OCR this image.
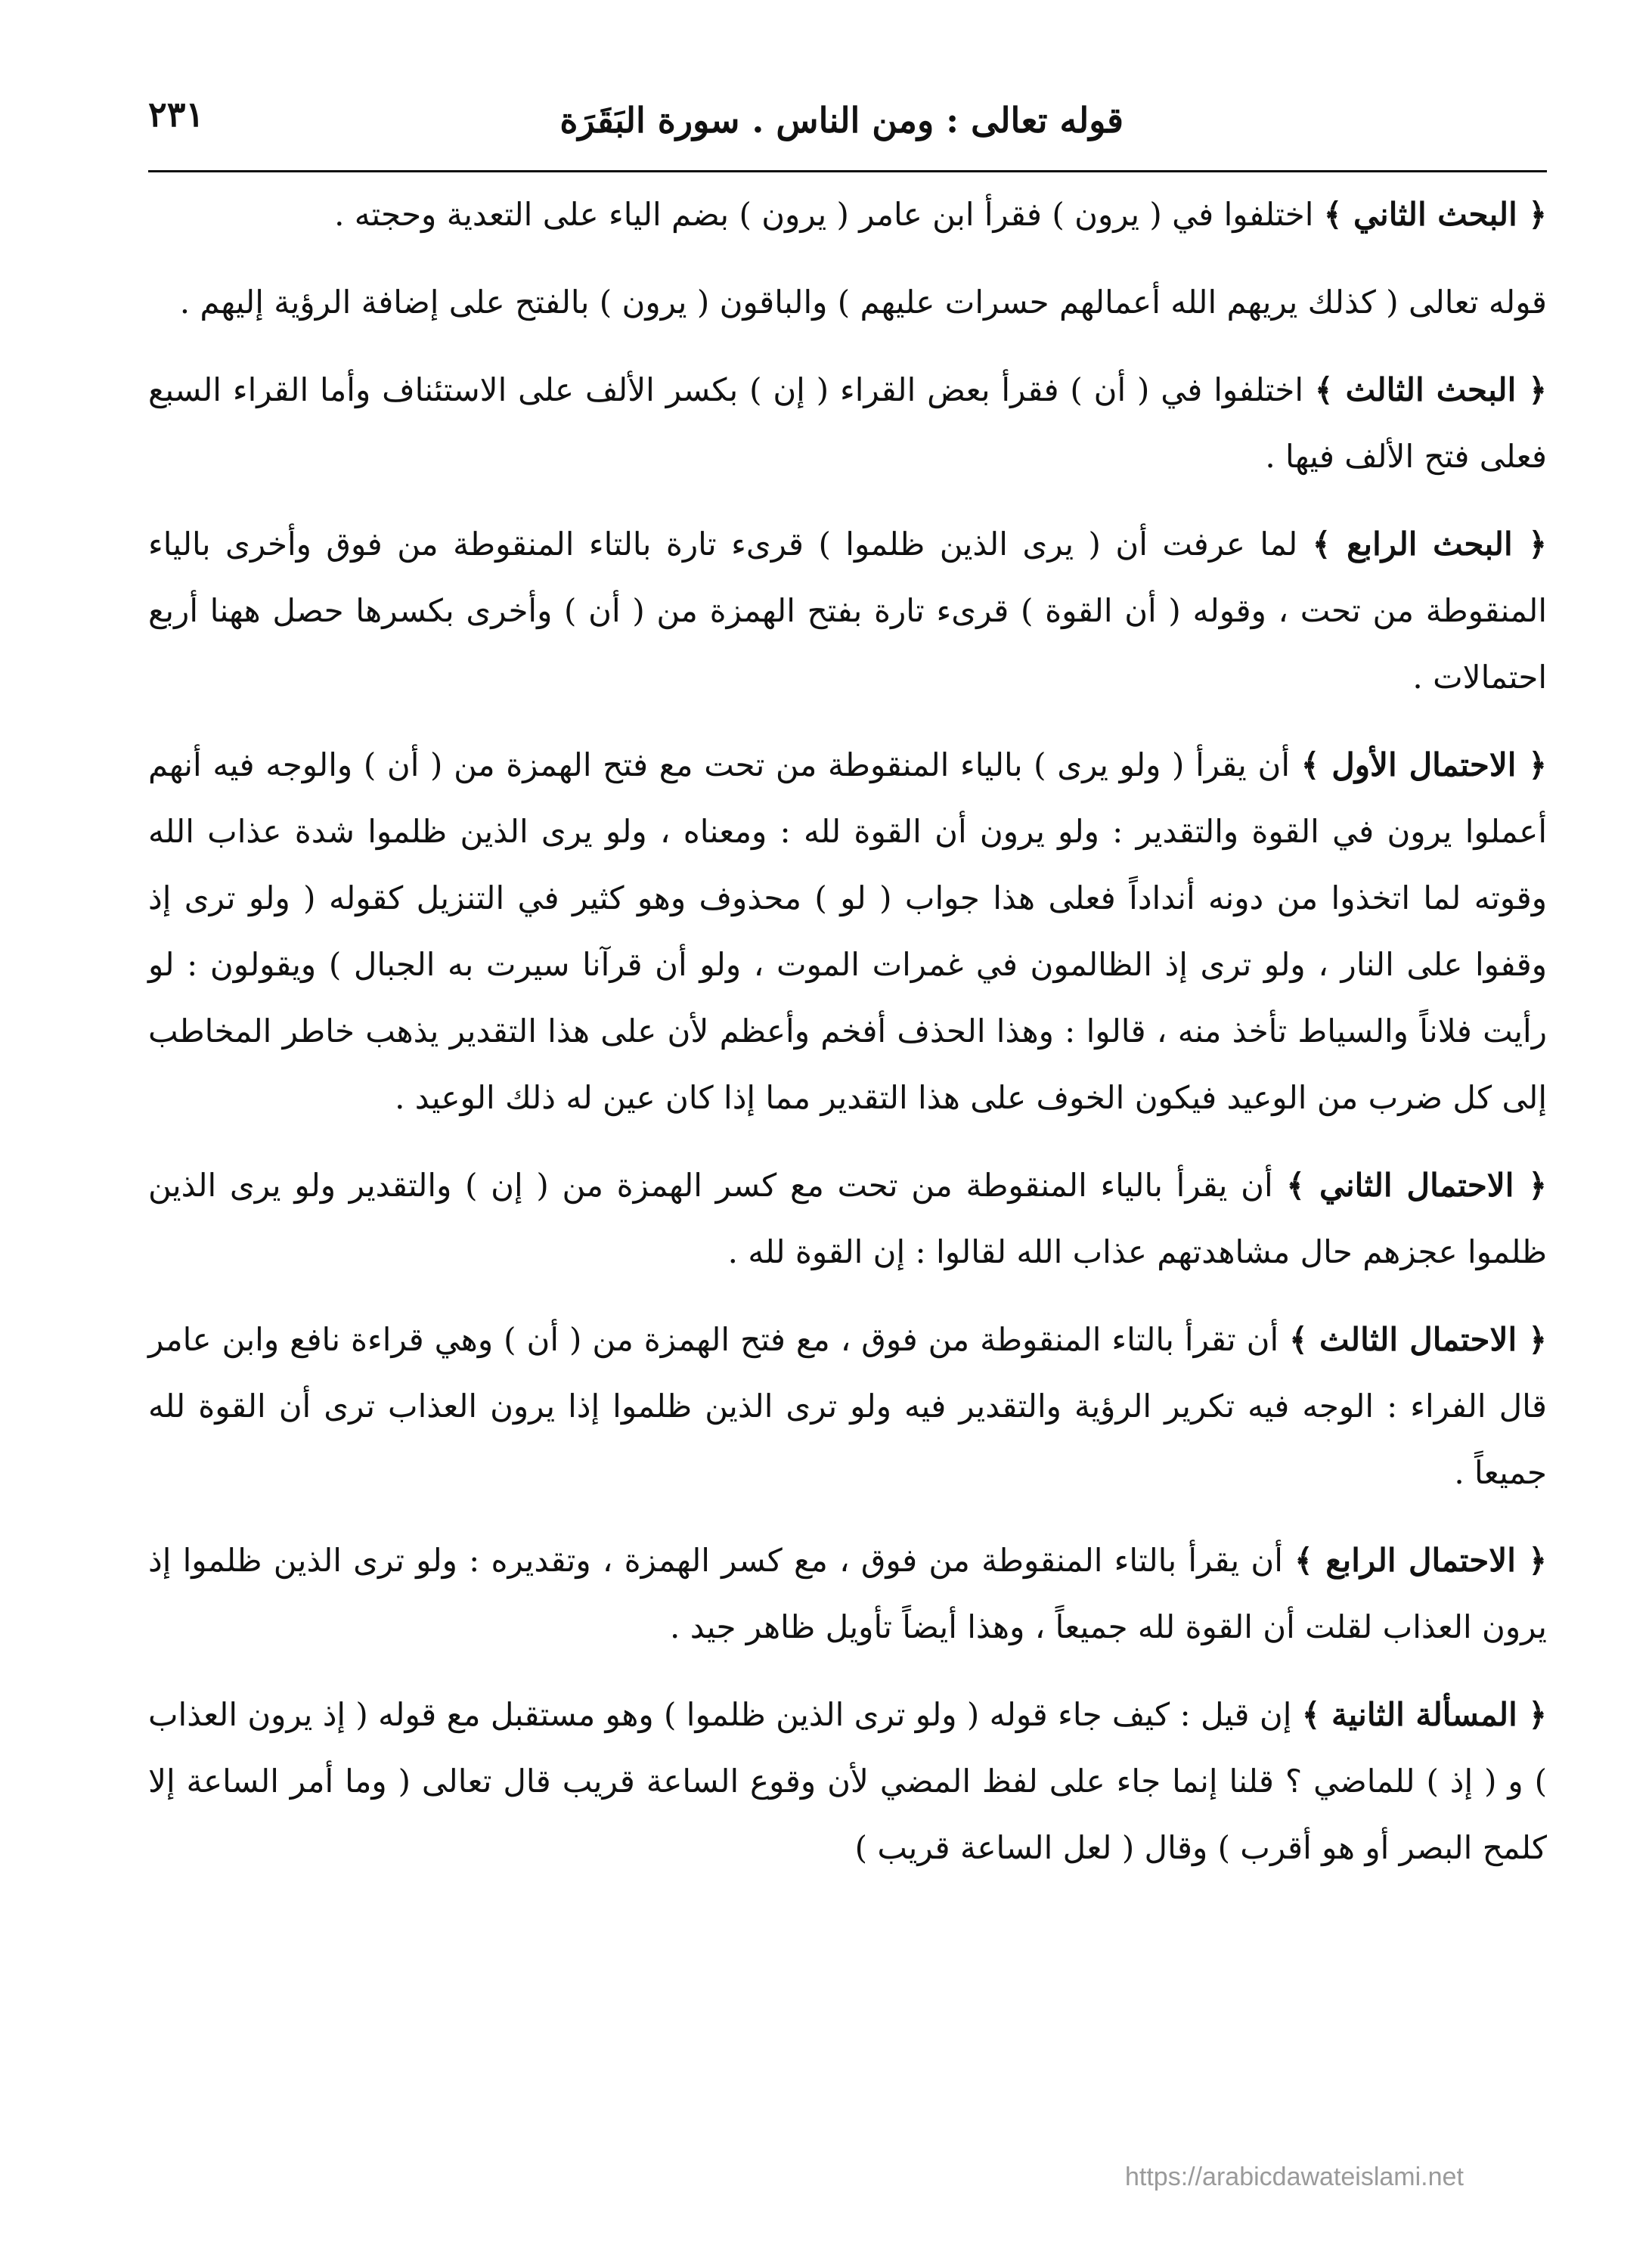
قوله تعالى : ومن الناس . سورة البَقَرَة
٢٣١

﴿ البحث الثاني ﴾ اختلفوا في ( يرون ) فقرأ ابن عامر ( يرون ) بضم الياء على التعدية وحجته .

قوله تعالى ( كذلك يريهم الله أعمالهم حسرات عليهم ) والباقون ( يرون ) بالفتح على إضافة الرؤية إليهم .

﴿ البحث الثالث ﴾ اختلفوا في ( أن ) فقرأ بعض القراء ( إن ) بكسر الألف على الاستئناف وأما القراء السبع فعلى فتح الألف فيها .

﴿ البحث الرابع ﴾ لما عرفت أن ( يرى الذين ظلموا ) قرىء تارة بالتاء المنقوطة من فوق وأخرى بالياء المنقوطة من تحت ، وقوله ( أن القوة ) قرىء تارة بفتح الهمزة من ( أن ) وأخرى بكسرها حصل ههنا أربع احتمالات .

﴿ الاحتمال الأول ﴾ أن يقرأ ( ولو يرى ) بالياء المنقوطة من تحت مع فتح الهمزة من ( أن ) والوجه فيه أنهم أعملوا يرون في القوة والتقدير : ولو يرون أن القوة لله : ومعناه ، ولو يرى الذين ظلموا شدة عذاب الله وقوته لما اتخذوا من دونه أنداداً فعلى هذا جواب ( لو ) محذوف وهو كثير في التنزيل كقوله ( ولو ترى إذ وقفوا على النار ، ولو ترى إذ الظالمون في غمرات الموت ، ولو أن قرآنا سيرت به الجبال ) ويقولون : لو رأيت فلاناً والسياط تأخذ منه ، قالوا : وهذا الحذف أفخم وأعظم لأن على هذا التقدير يذهب خاطر المخاطب إلى كل ضرب من الوعيد فيكون الخوف على هذا التقدير مما إذا كان عين له ذلك الوعيد .

﴿ الاحتمال الثاني ﴾ أن يقرأ بالياء المنقوطة من تحت مع كسر الهمزة من ( إن ) والتقدير ولو يرى الذين ظلموا عجزهم حال مشاهدتهم عذاب الله لقالوا : إن القوة لله .

﴿ الاحتمال الثالث ﴾ أن تقرأ بالتاء المنقوطة من فوق ، مع فتح الهمزة من ( أن ) وهي قراءة نافع وابن عامر قال الفراء : الوجه فيه تكرير الرؤية والتقدير فيه ولو ترى الذين ظلموا إذا يرون العذاب ترى أن القوة لله جميعاً .

﴿ الاحتمال الرابع ﴾ أن يقرأ بالتاء المنقوطة من فوق ، مع كسر الهمزة ، وتقديره : ولو ترى الذين ظلموا إذ يرون العذاب لقلت أن القوة لله جميعاً ، وهذا أيضاً تأويل ظاهر جيد .

﴿ المسألة الثانية ﴾ إن قيل : كيف جاء قوله ( ولو ترى الذين ظلموا ) وهو مستقبل مع قوله ( إذ يرون العذاب ) و ( إذ ) للماضي ؟ قلنا إنما جاء على لفظ المضي لأن وقوع الساعة قريب قال تعالى ( وما أمر الساعة إلا كلمح البصر أو هو أقرب ) وقال ( لعل الساعة قريب )

https://arabicdawateislami.net
